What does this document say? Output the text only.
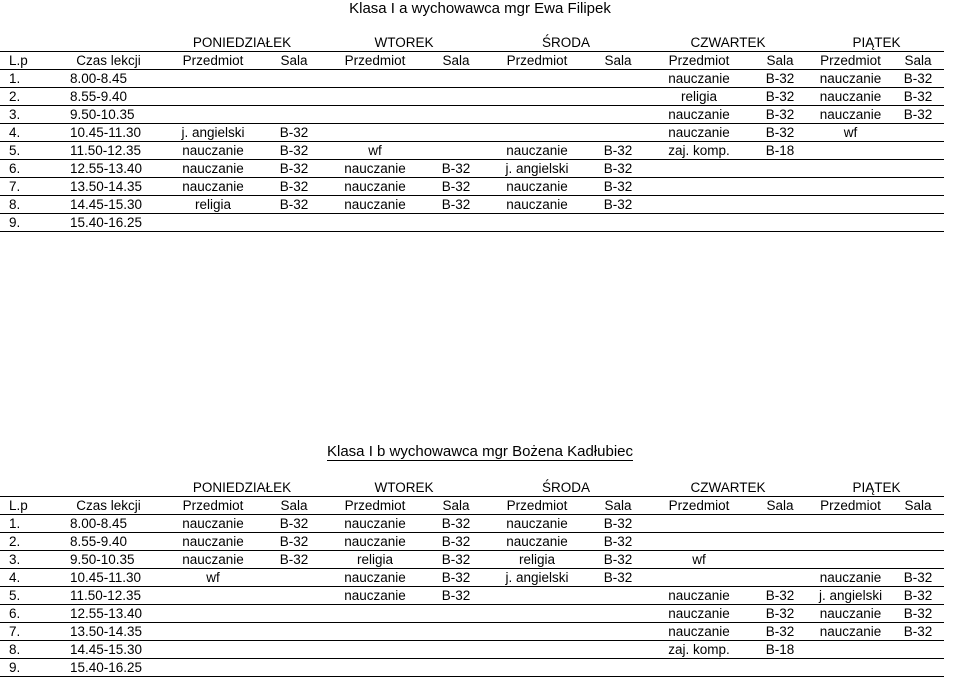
Klasa I a wychowawca mgr Ewa Filipek
		PONIEDZIAŁEK		WTOREK		ŚRODA		CZWARTEK		PIĄTEK	
L.p	Czas lekcji	Przedmiot	Sala	Przedmiot	Sala	Przedmiot	Sala	Przedmiot	Sala	Przedmiot	Sala
1.	8.00-8.45							nauczanie	B-32	nauczanie	B-32
2.	8.55-9.40							religia	B-32	nauczanie	B-32
3.	9.50-10.35							nauczanie	B-32	nauczanie	B-32
4.	10.45-11.30	j. angielski	B-32					nauczanie	B-32	wf	
5.	11.50-12.35	nauczanie	B-32	wf		nauczanie	B-32	zaj. komp.	B-18		
6.	12.55-13.40	nauczanie	B-32	nauczanie	B-32	j. angielski	B-32				
7.	13.50-14.35	nauczanie	B-32	nauczanie	B-32	nauczanie	B-32				
8.	14.45-15.30	religia	B-32	nauczanie	B-32	nauczanie	B-32				
9.	15.40-16.25										
Klasa I b wychowawca mgr Bożena Kadłubiec
		PONIEDZIAŁEK		WTOREK		ŚRODA		CZWARTEK		PIĄTEK	
L.p	Czas lekcji	Przedmiot	Sala	Przedmiot	Sala	Przedmiot	Sala	Przedmiot	Sala	Przedmiot	Sala
1.	8.00-8.45	nauczanie	B-32	nauczanie	B-32	nauczanie	B-32				
2.	8.55-9.40	nauczanie	B-32	nauczanie	B-32	nauczanie	B-32				
3.	9.50-10.35	nauczanie	B-32	religia	B-32	religia	B-32	wf			
4.	10.45-11.30	wf		nauczanie	B-32	j. angielski	B-32			nauczanie	B-32
5.	11.50-12.35			nauczanie	B-32			nauczanie	B-32	j. angielski	B-32
6.	12.55-13.40							nauczanie	B-32	nauczanie	B-32
7.	13.50-14.35							nauczanie	B-32	nauczanie	B-32
8.	14.45-15.30							zaj. komp.	B-18		
9.	15.40-16.25										
